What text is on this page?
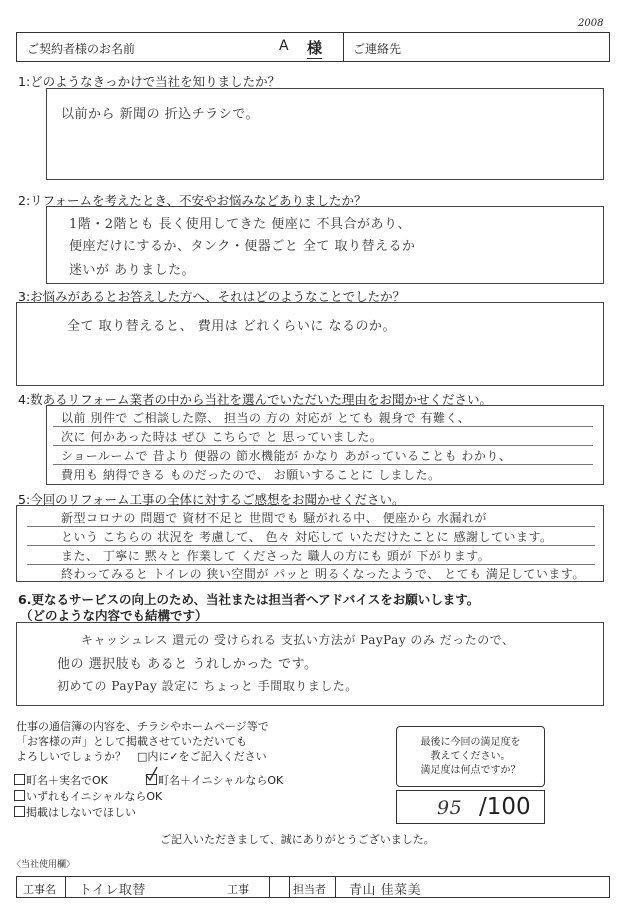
2008
ご契約者様のお名前	A 様	ご連絡先
1:どのようなきっかけで当社を知りましたか？
以前から 新聞の 折込チラシで。
2:リフォームを考えたとき、不安やお悩みなどありましたか？
1階・2階とも 長く使用してきた 便座に 不具合があり、
便座だけにするか、タンク・便器ごと 全て 取り替えるか
迷いが ありました。
3:お悩みがあるとお答えした方へ、それはどのようなことでしたか？
全て 取り替えると、 費用は どれくらいに なるのか。
4:数あるリフォーム業者の中から当社を選んでいただいた理由をお聞かせください。
以前 別件で ご相談した際、 担当の 方の 対応が とても 親身で 有難く、
次に 何かあった時は ぜひ こちらで と 思っていました。
ショールームで 昔より 便器の 節水機能が かなり あがっていることも わかり、
費用も 納得できる ものだったので、 お願いすることに しました。
5:今回のリフォーム工事の全体に対するご感想をお聞かせください。
新型コロナの 問題で 資材不足と 世間でも 騒がれる中、 便座から 水漏れが
という こちらの 状況を 考慮して、 色々 対応して いただけたことに 感謝しています。
また、 丁寧に 黙々と 作業して くださった 職人の方にも 頭が 下がります。
終わってみると トイレの 狭い空間が パッと 明るくなったようで、 とても 満足しています。
6.更なるサービスの向上のため、当社または担当者へアドバイスをお願いします。
（どのような内容でも結構です）
キャッシュレス 還元の 受けられる 支払い方法が PayPay のみ だったので、
他の 選択肢も あると うれしかった です。
初めての PayPay 設定に ちょっと 手間取りました。
仕事の通信簿の内容を、チラシやホームページ等で
「お客様の声」として掲載させていただいても
よろしいでしょうか？　□内に✓をご記入ください
町名＋実名でOK	町名＋イニシャルならOK
いずれもイニシャルならOK
掲載はしないでほしい
最後に今回の満足度を
教えてください。
満足度は何点ですか？
95 /100
ご記入いただきまして、誠にありがとうございました。
〈当社使用欄〉
工事名 トイレ取替	工事	担当者 青山 佳菜美
